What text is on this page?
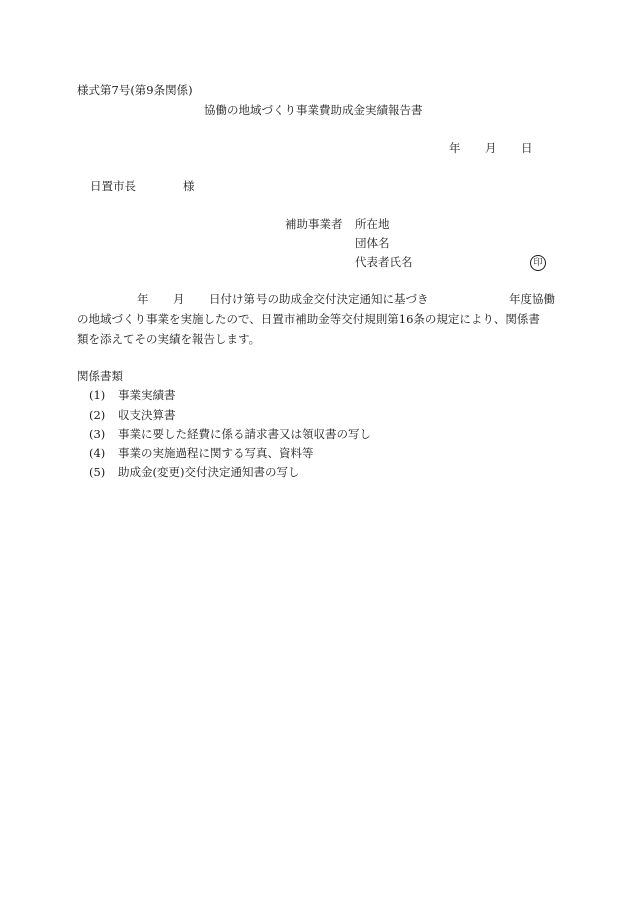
様式第7号(第9条関係)
協働の地域づくり事業費助成金実績報告書
年 月 日
日置市長	様
補助事業者 所在地
団体名
代表者氏名	印
年 月 日付け第 号の助成金交付決定通知に基づき	年度協働
の地域づくり事業を実施したので、日置市補助金等交付規則第16条の規定により、関係書
類を添えてその実績を報告します。
関係書類
(1) 事業実績書
(2) 収支決算書
(3) 事業に要した経費に係る請求書又は領収書の写し
(4) 事業の実施過程に関する写真、資料等
(5) 助成金(変更)交付決定通知書の写し
